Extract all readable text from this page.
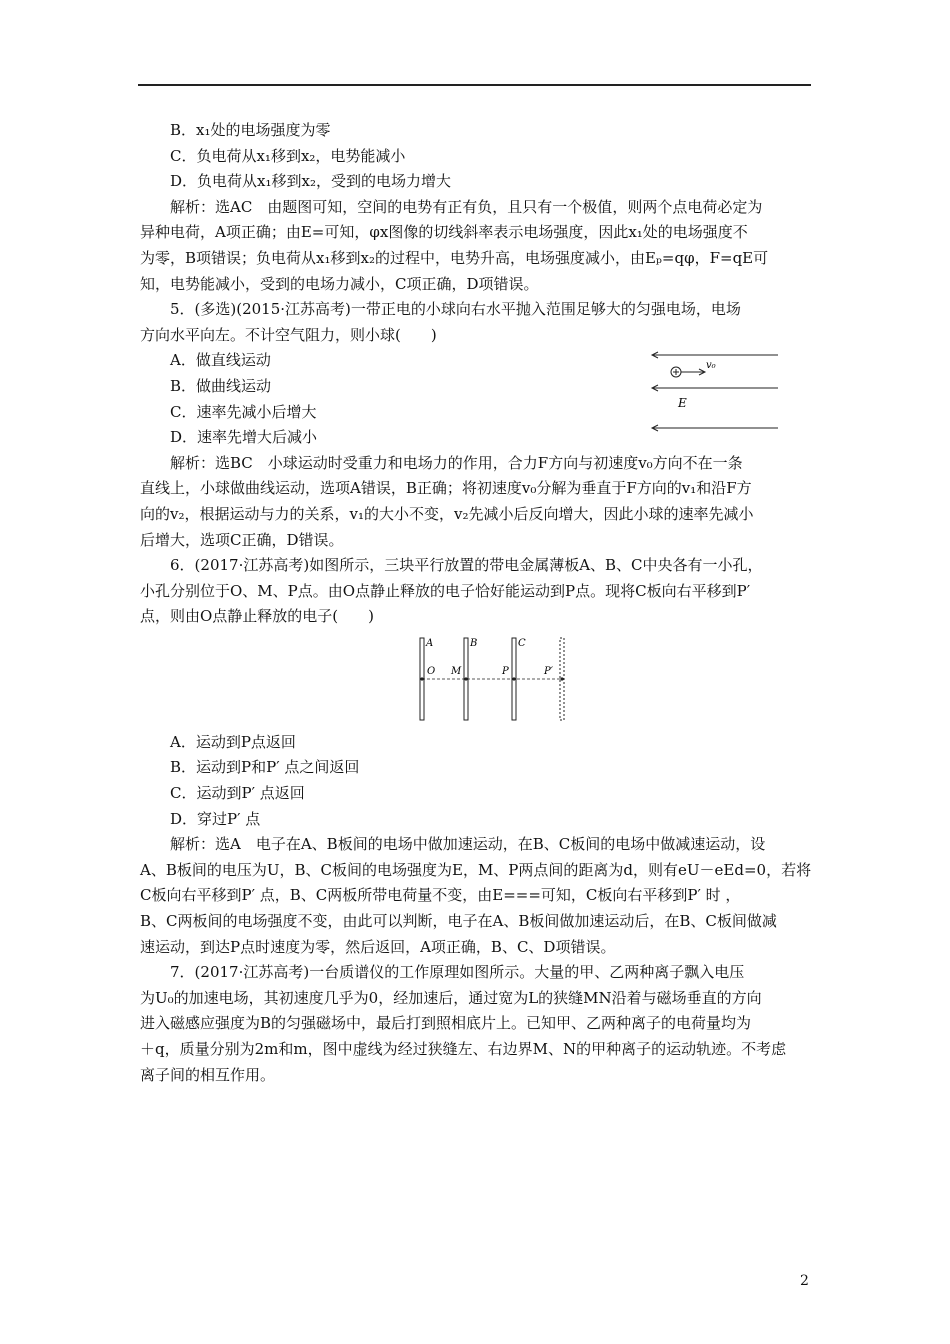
B．x₁处的电场强度为零
C．负电荷从x₁移到x₂，电势能减小
D．负电荷从x₁移到x₂，受到的电场力增大
解析：选AC　由题图可知，空间的电势有正有负，且只有一个极值，则两个点电荷必定为
异种电荷，A项正确；由E=可知，φx图像的切线斜率表示电场强度，因此x₁处的电场强度不
为零，B项错误；负电荷从x₁移到x₂的过程中，电势升高，电场强度减小，由Eₚ=qφ，F=qE可
知，电势能减小，受到的电场力减小，C项正确，D项错误。
5．(多选)(2015·江苏高考)一带正电的小球向右水平抛入范围足够大的匀强电场，电场
方向水平向左。不计空气阻力，则小球(　　)
A．做直线运动
B．做曲线运动
C．速率先减小后增大
D．速率先增大后减小
v₀
E
解析：选BC　小球运动时受重力和电场力的作用，合力F方向与初速度v₀方向不在一条
直线上，小球做曲线运动，选项A错误，B正确；将初速度v₀分解为垂直于F方向的v₁和沿F方
向的v₂，根据运动与力的关系，v₁的大小不变，v₂先减小后反向增大，因此小球的速率先减小
后增大，选项C正确，D错误。
6．(2017·江苏高考)如图所示，三块平行放置的带电金属薄板A、B、C中央各有一小孔，
小孔分别位于O、M、P点。由O点静止释放的电子恰好能运动到P点。现将C板向右平移到P′
点，则由O点静止释放的电子(　　)
A	B	C
O M	P	P′
A．运动到P点返回
B．运动到P和P′ 点之间返回
C．运动到P′ 点返回
D．穿过P′ 点
解析：选A　电子在A、B板间的电场中做加速运动，在B、C板间的电场中做减速运动，设
A、B板间的电压为U，B、C板间的电场强度为E，M、P两点间的距离为d，则有eU－eEd=0，若将
C板向右平移到P′ 点，B、C两板所带电荷量不变，由E===可知，C板向右平移到P′ 时 ，
B、C两板间的电场强度不变，由此可以判断，电子在A、B板间做加速运动后，在B、C板间做减
速运动，到达P点时速度为零，然后返回，A项正确，B、C、D项错误。
7．(2017·江苏高考)一台质谱仪的工作原理如图所示。大量的甲、乙两种离子飘入电压
为U₀的加速电场，其初速度几乎为0，经加速后，通过宽为L的狭缝MN沿着与磁场垂直的方向
进入磁感应强度为B的匀强磁场中，最后打到照相底片上。已知甲、乙两种离子的电荷量均为
＋q，质量分别为2m和m，图中虚线为经过狭缝左、右边界M、N的甲种离子的运动轨迹。不考虑
离子间的相互作用。
2
